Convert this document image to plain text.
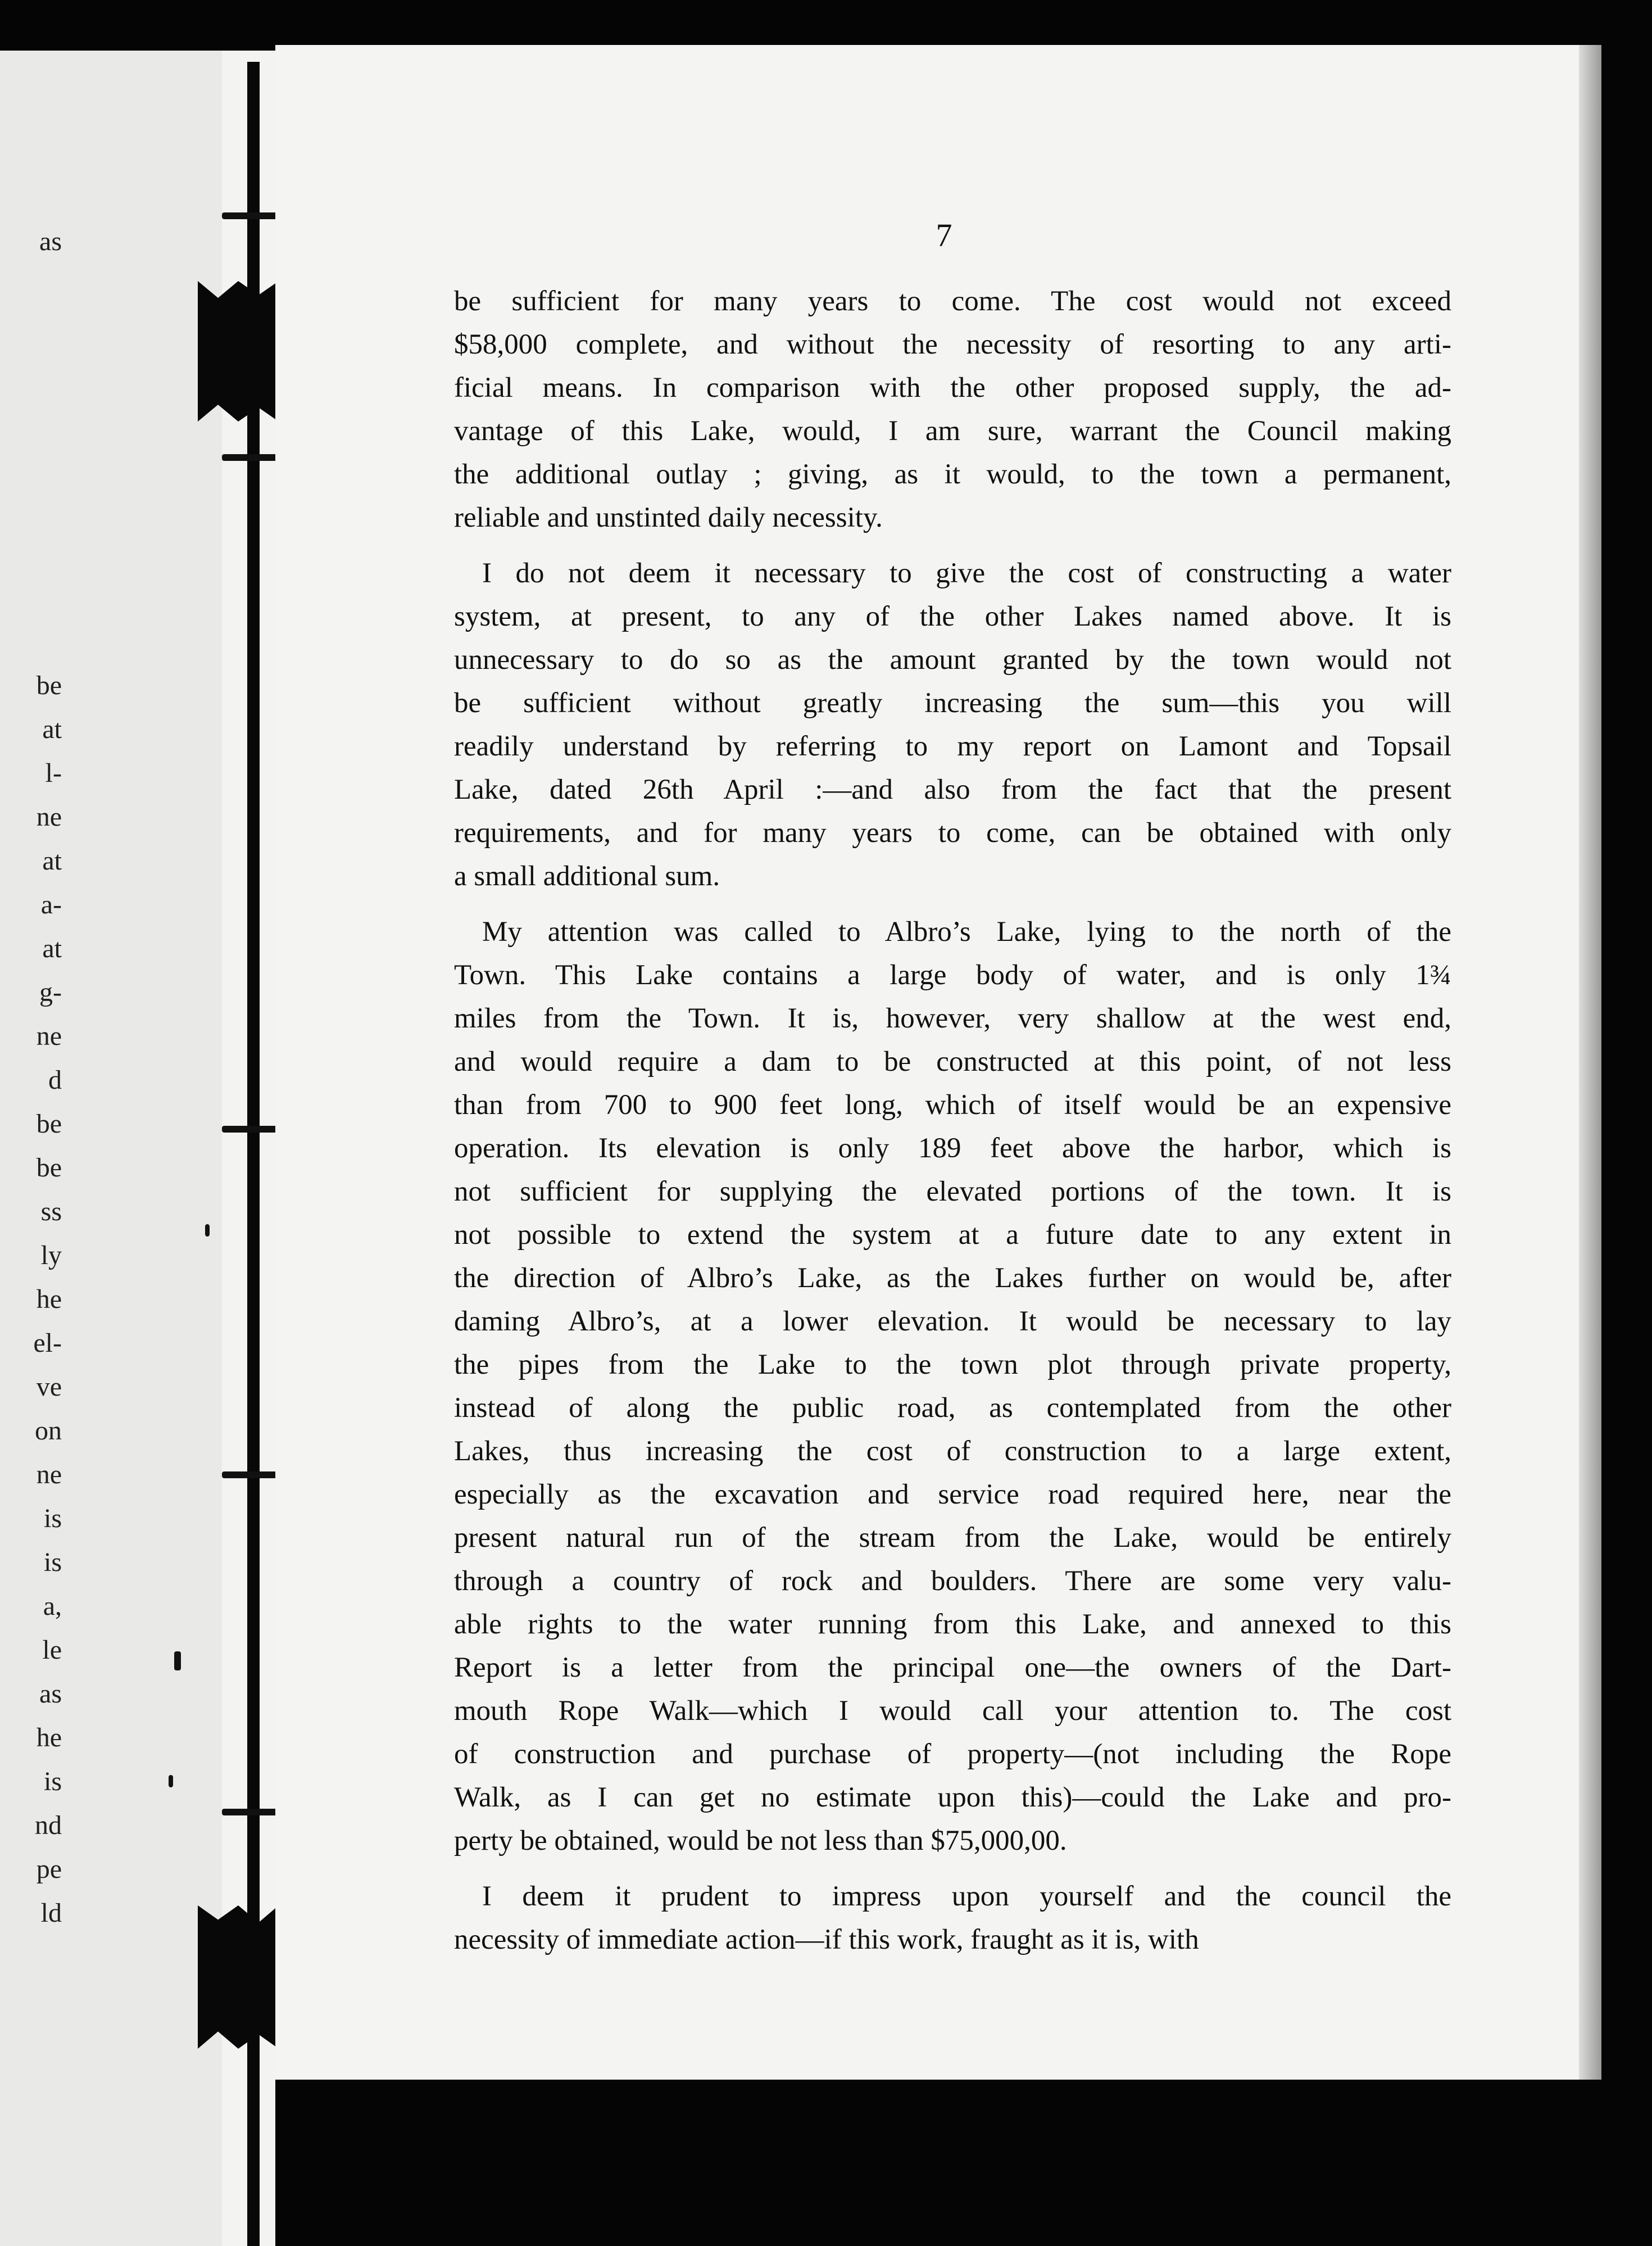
as
be
at
l-
ne
at
a-
at
g-
ne
d
be
be
ss
ly
he
el-
ve
on
ne
is
is
a,
le
as
he
is
nd
pe
ld
7
be sufficient for many years to come. The cost would not exceed
$58,000 complete, and without the necessity of resorting to any arti-
ficial means. In comparison with the other proposed supply, the ad-
vantage of this Lake, would, I am sure, warrant the Council making
the additional outlay ; giving, as it would, to the town a permanent,
reliable and unstinted daily necessity.
I do not deem it necessary to give the cost of constructing a water
system, at present, to any of the other Lakes named above. It is
unnecessary to do so as the amount granted by the town would not
be sufficient without greatly increasing the sum—this you will
readily understand by referring to my report on Lamont and Topsail
Lake, dated 26th April :—and also from the fact that the present
requirements, and for many years to come, can be obtained with only
a small additional sum.
My attention was called to Albro’s Lake, lying to the north of the
Town. This Lake contains a large body of water, and is only 1¾
miles from the Town. It is, however, very shallow at the west end,
and would require a dam to be constructed at this point, of not less
than from 700 to 900 feet long, which of itself would be an expensive
operation. Its elevation is only 189 feet above the harbor, which is
not sufficient for supplying the elevated portions of the town. It is
not possible to extend the system at a future date to any extent in
the direction of Albro’s Lake, as the Lakes further on would be, after
daming Albro’s, at a lower elevation. It would be necessary to lay
the pipes from the Lake to the town plot through private property,
instead of along the public road, as contemplated from the other
Lakes, thus increasing the cost of construction to a large extent,
especially as the excavation and service road required here, near the
present natural run of the stream from the Lake, would be entirely
through a country of rock and boulders. There are some very valu-
able rights to the water running from this Lake, and annexed to this
Report is a letter from the principal one—the owners of the Dart-
mouth Rope Walk—which I would call your attention to. The cost
of construction and purchase of property—(not including the Rope
Walk, as I can get no estimate upon this)—could the Lake and pro-
perty be obtained, would be not less than $75,000,00.
I deem it prudent to impress upon yourself and the council the
necessity of immediate action—if this work, fraught as it is, with
